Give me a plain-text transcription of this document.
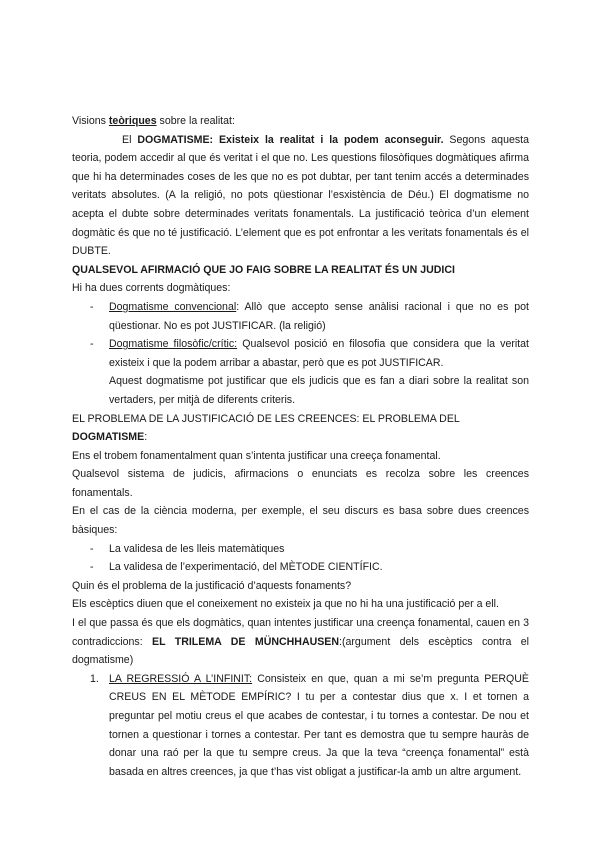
Visions teòriques sobre la realitat:

El DOGMATISME: Existeix la realitat i la podem aconseguir. Segons aquesta teoria, podem accedir al que és veritat i el que no. Les questions filosòfiques dogmàtiques afirma que hi ha determinades coses de les que no es pot dubtar, per tant tenim accés a determinades veritats absolutes. (A la religió, no pots qüestionar l’esxistència de Déu.) El dogmatisme no acepta el dubte sobre determinades veritats fonamentals. La justificació teòrica d’un element dogmàtic és que no té justificació. L’element que es pot enfrontar a les veritats fonamentals és el DUBTE.

QUALSEVOL AFIRMACIÓ QUE JO FAIG SOBRE LA REALITAT ÉS UN JUDICI

Hi ha dues corrents dogmàtiques:

- Dogmatisme convencional: Allò que accepto sense anàlisi racional i que no es pot qüestionar. No es pot JUSTIFICAR. (la religió)
- Dogmatisme filosòfic/crític: Qualsevol posició en filosofia que considera que la veritat existeix i que la podem arribar a abastar, però que es pot JUSTIFICAR.

Aquest dogmatisme pot justificar que els judicis que es fan a diari sobre la realitat son vertaders, per mitjà de diferents criteris.

EL PROBLEMA DE LA JUSTIFICACIÓ DE LES CREENCES: EL PROBLEMA DEL DOGMATISME:

Ens el trobem fonamentalment quan s’intenta justificar una creeça fonamental.

Qualsevol sistema de judicis, afirmacions o enunciats es recolza sobre les creences fonamentals.

En el cas de la ciència moderna, per exemple, el seu discurs es basa sobre dues creences bàsiques:

- La validesa de les lleis matemàtiques
- La validesa de l’experimentació, del MÈTODE CIENTÍFIC.

Quin és el problema de la justificació d’aquests fonaments?

Els escèptics diuen que el coneixement no existeix ja que no hi ha una justificació per a ell.

I el que passa és que els dogmàtics, quan intentes justificar una creença fonamental, cauen en 3 contradiccions: EL TRILEMA DE MÜNCHHAUSEN:(argument dels escèptics contra el dogmatisme)

1. LA REGRESSIÓ A L’INFINIT: Consisteix en que, quan a mi se’m pregunta PERQUÈ CREUS EN EL MÈTODE EMPÍRIC? I tu per a contestar dius que x. I et tornen a preguntar pel motiu creus el que acabes de contestar, i tu tornes a contestar. De nou et tornen a questionar i tornes a contestar. Per tant es demostra que tu sempre hauràs de donar una raó per la que tu sempre creus. Ja que la teva “creença fonamental” està basada en altres creences, ja que t’has vist obligat a justificar-la amb un altre argument.
